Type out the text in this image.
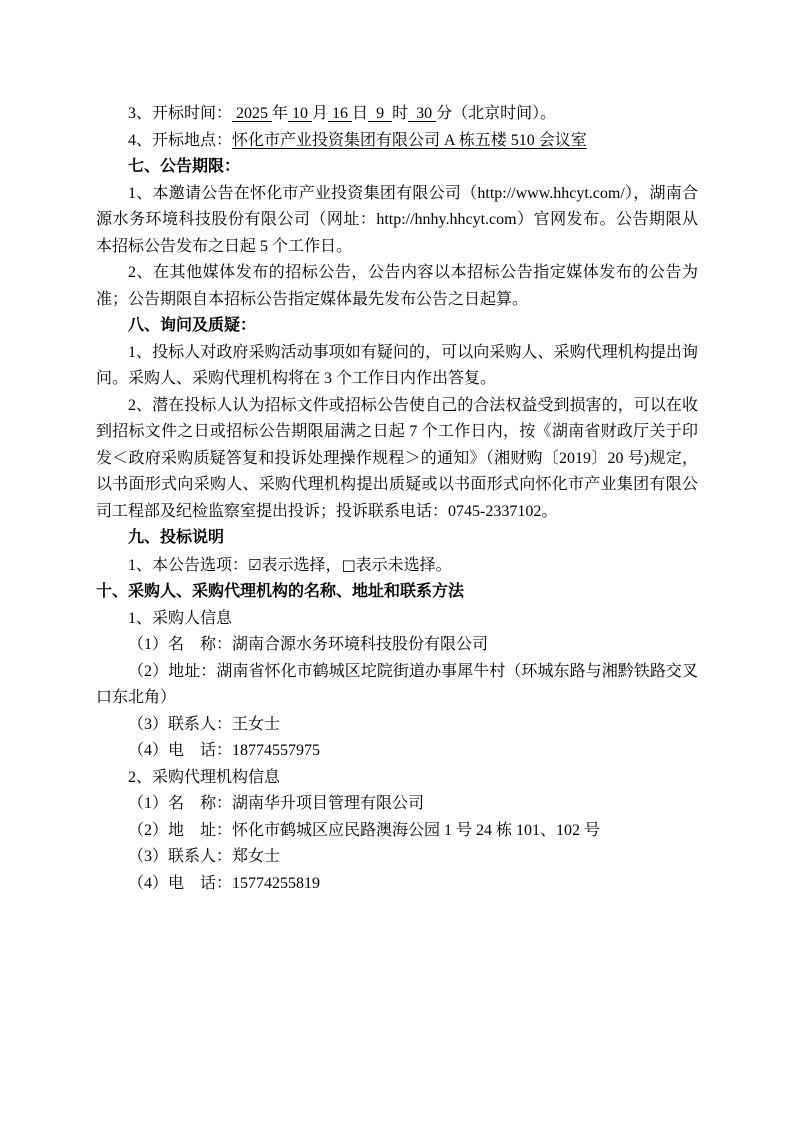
3、开标时间： 2025 年 10 月 16 日  9  时  30 分（北京时间）。

4、开标地点：怀化市产业投资集团有限公司 A 栋五楼 510 会议室

七、公告期限：

1、本邀请公告在怀化市产业投资集团有限公司（http://www.hhcyt.com/），湖南合源水务环境科技股份有限公司（网址：http://hnhy.hhcyt.com）官网发布。公告期限从本招标公告发布之日起 5 个工作日。

2、在其他媒体发布的招标公告，公告内容以本招标公告指定媒体发布的公告为准；公告期限自本招标公告指定媒体最先发布公告之日起算。

八、询问及质疑：

1、投标人对政府采购活动事项如有疑问的，可以向采购人、采购代理机构提出询问。采购人、采购代理机构将在 3 个工作日内作出答复。

2、潜在投标人认为招标文件或招标公告使自己的合法权益受到损害的，可以在收到招标文件之日或招标公告期限届满之日起 7 个工作日内，按《湖南省财政厅关于印发＜政府采购质疑答复和投诉处理操作规程＞的通知》（湘财购〔2019〕20 号)规定，以书面形式向采购人、采购代理机构提出质疑或以书面形式向怀化市产业集团有限公司工程部及纪检监察室提出投诉；投诉联系电话：0745-2337102。

九、投标说明

1、本公告选项：☑表示选择，□表示未选择。

十、采购人、采购代理机构的名称、地址和联系方法

1、采购人信息

（1）名　称：湖南合源水务环境科技股份有限公司

（2）地址：湖南省怀化市鹤城区坨院街道办事犀牛村（环城东路与湘黔铁路交叉口东北角）

（3）联系人：王女士

（4）电　话：18774557975

2、采购代理机构信息

（1）名　称：湖南华升项目管理有限公司

（2）地　址：怀化市鹤城区应民路澳海公园 1 号 24 栋 101、102 号

（3）联系人：郑女士

（4）电　话：15774255819
